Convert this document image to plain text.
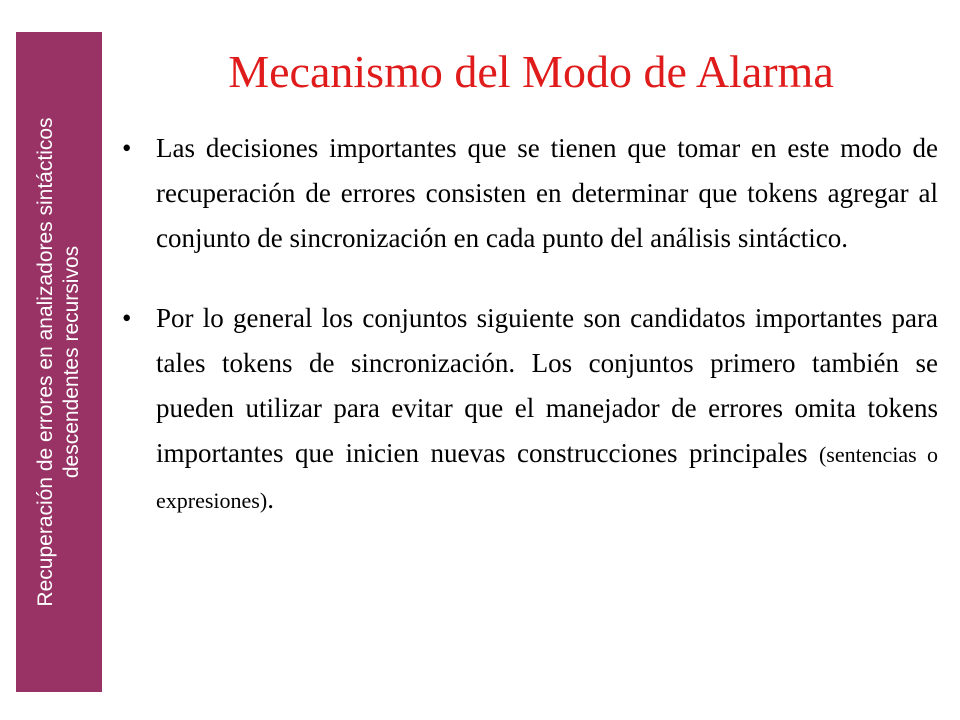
Recuperación de errores en analizadores sintácticos descendentes recursivos
Mecanismo del Modo de Alarma
• Las decisiones importantes que se tienen que tomar en este modo de recuperación de errores consisten en determinar que tokens agregar al conjunto de sincronización en cada punto del análisis sintáctico.
• Por lo general los conjuntos siguiente son candidatos importantes para tales tokens de sincronización. Los conjuntos primero también se pueden utilizar para evitar que el manejador de errores omita tokens importantes que inicien nuevas construcciones principales (sentencias o expresiones).
